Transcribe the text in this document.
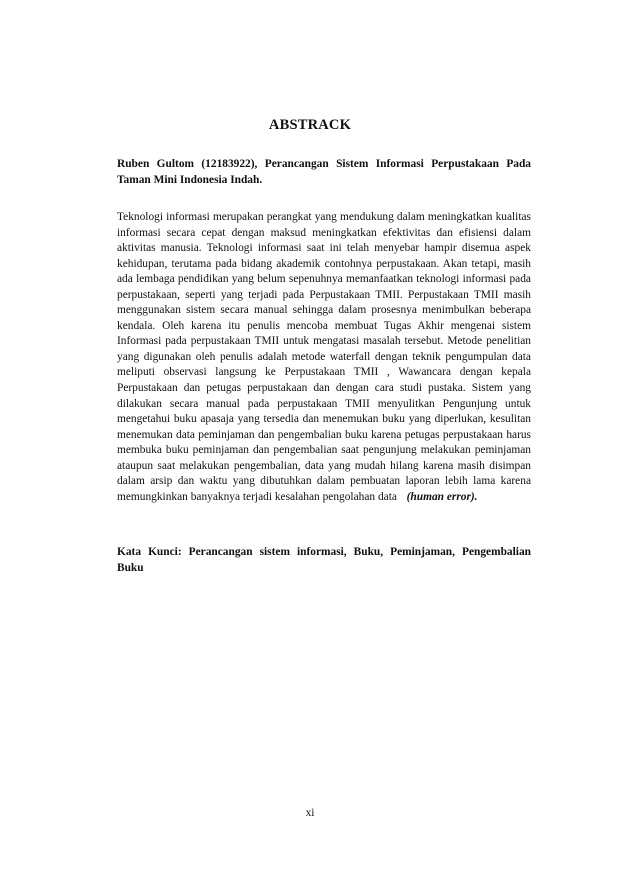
ABSTRACK
Ruben Gultom (12183922), Perancangan Sistem Informasi Perpustakaan Pada Taman Mini Indonesia Indah.
Teknologi informasi merupakan perangkat yang mendukung dalam meningkatkan kualitas informasi secara cepat dengan maksud meningkatkan efektivitas dan efisiensi dalam aktivitas manusia. Teknologi informasi saat ini telah menyebar hampir disemua aspek kehidupan, terutama pada bidang akademik contohnya perpustakaan. Akan tetapi, masih ada lembaga pendidikan yang belum sepenuhnya memanfaatkan teknologi informasi pada perpustakaan, seperti yang terjadi pada Perpustakaan TMII. Perpustakaan TMII masih menggunakan sistem secara manual sehingga dalam prosesnya menimbulkan beberapa kendala. Oleh karena itu penulis mencoba membuat Tugas Akhir mengenai sistem Informasi pada perpustakaan TMII untuk mengatasi masalah tersebut. Metode penelitian yang digunakan oleh penulis adalah metode waterfall dengan teknik pengumpulan data meliputi observasi langsung ke Perpustakaan TMII , Wawancara dengan kepala Perpustakaan dan petugas perpustakaan dan dengan cara studi pustaka. Sistem yang dilakukan secara manual pada perpustakaan TMII menyulitkan Pengunjung untuk mengetahui buku apasaja yang tersedia dan menemukan buku yang diperlukan, kesulitan menemukan data peminjaman dan pengembalian buku karena petugas perpustakaan harus membuka buku peminjaman dan pengembalian saat pengunjung melakukan peminjaman ataupun saat melakukan pengembalian, data yang mudah hilang karena masih disimpan dalam arsip dan waktu yang dibutuhkan dalam pembuatan laporan lebih lama karena memungkinkan banyaknya terjadi kesalahan pengolahan data (human error).
Kata Kunci: Perancangan sistem informasi, Buku, Peminjaman, Pengembalian Buku
xi
